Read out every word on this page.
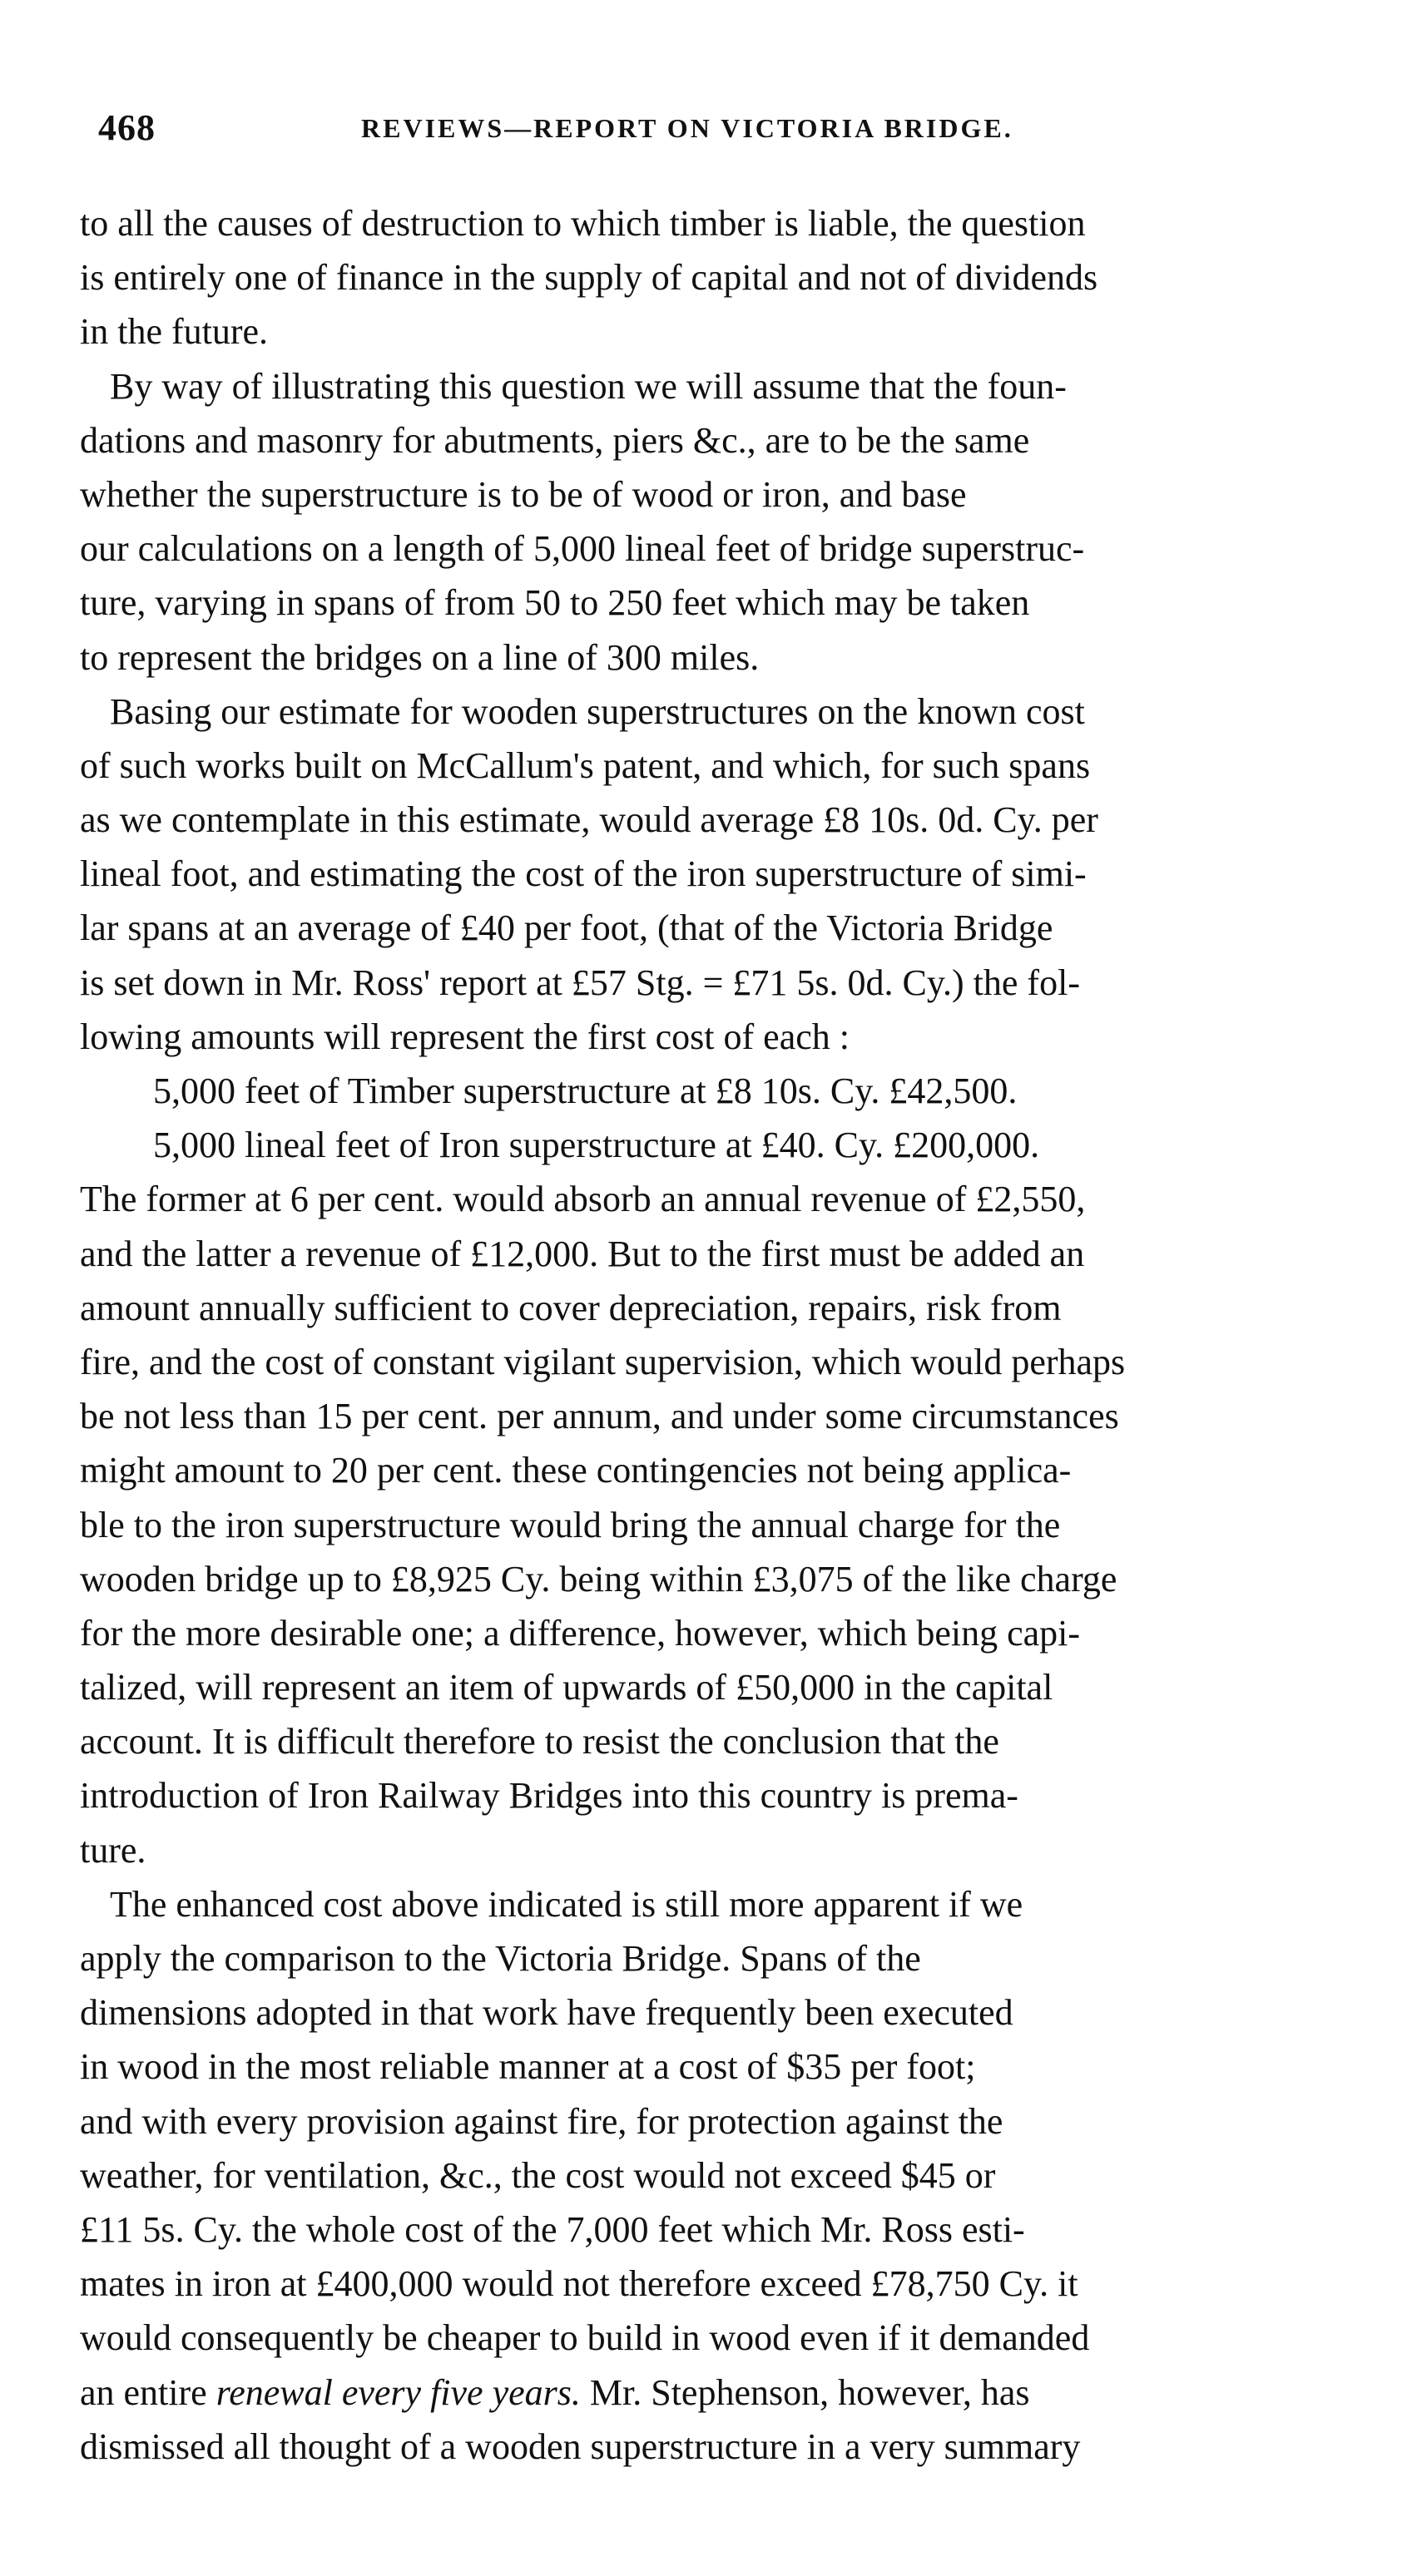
468	REVIEWS—REPORT ON VICTORIA BRIDGE.
to all the causes of destruction to which timber is liable, the question
is entirely one of finance in the supply of capital and not of dividends
in the future.
By way of illustrating this question we will assume that the foun-
dations and masonry for abutments, piers &c., are to be the same
whether the superstructure is to be of wood or iron, and base
our calculations on a length of 5,000 lineal feet of bridge superstruc-
ture, varying in spans of from 50 to 250 feet which may be taken
to represent the bridges on a line of 300 miles.
Basing our estimate for wooden superstructures on the known cost
of such works built on McCallum's patent, and which, for such spans
as we contemplate in this estimate, would average £8 10s. 0d. Cy. per
lineal foot, and estimating the cost of the iron superstructure of simi-
lar spans at an average of £40 per foot, (that of the Victoria Bridge
is set down in Mr. Ross' report at £57 Stg. = £71 5s. 0d. Cy.) the fol-
lowing amounts will represent the first cost of each :
5,000 feet of Timber superstructure at £8 10s. Cy. £42,500.
5,000 lineal feet of Iron superstructure at £40. Cy. £200,000.
The former at 6 per cent. would absorb an annual revenue of £2,550,
and the latter a revenue of £12,000. But to the first must be added an
amount annually sufficient to cover depreciation, repairs, risk from
fire, and the cost of constant vigilant supervision, which would perhaps
be not less than 15 per cent. per annum, and under some circumstances
might amount to 20 per cent. these contingencies not being applica-
ble to the iron superstructure would bring the annual charge for the
wooden bridge up to £8,925 Cy. being within £3,075 of the like charge
for the more desirable one; a difference, however, which being capi-
talized, will represent an item of upwards of £50,000 in the capital
account. It is difficult therefore to resist the conclusion that the
introduction of Iron Railway Bridges into this country is prema-
ture.
The enhanced cost above indicated is still more apparent if we
apply the comparison to the Victoria Bridge. Spans of the
dimensions adopted in that work have frequently been executed
in wood in the most reliable manner at a cost of $35 per foot;
and with every provision against fire, for protection against the
weather, for ventilation, &c., the cost would not exceed $45 or
£11 5s. Cy. the whole cost of the 7,000 feet which Mr. Ross esti-
mates in iron at £400,000 would not therefore exceed £78,750 Cy. it
would consequently be cheaper to build in wood even if it demanded
an entire renewal every five years. Mr. Stephenson, however, has
dismissed all thought of a wooden superstructure in a very summary
